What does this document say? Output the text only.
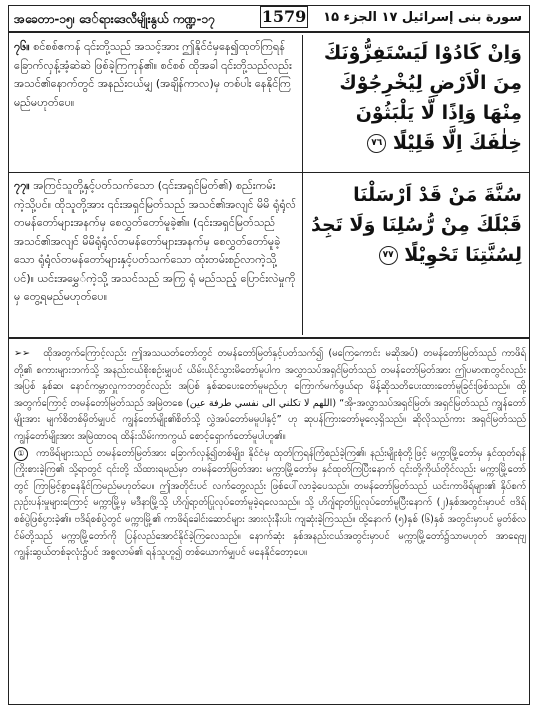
အခေတာ-၁၅၊ ဒေ်ရားဒေလီမျိုးနွယ် ကဏ္ဍ-၁၇	1579 سورة بنی إسرائیل ۱۷ الجزء ۱۵
၇၆။ စင်စစ်ဧကန် ၎င်းတို့သည် အသင့်အား ဤနိုင်ငံမှနေ၍ထုတ်ကြရန် ခြောက်လှန့်အံ့ဆဲဆဲ ဖြစ်ခဲ့ကြကုန်၏။ စင်စစ် ထိုအခါ ၎င်းတို့သည်လည်း အသင်၏နောက်တွင် အနည်းငယ်မျှ (အချိန်ကာလ)မှ တစ်ပါး နေနိုင်ကြမည်မဟုတ်ပေ။
وَاِنْ كَادُوْا لَيَسْتَفِزُّوْنَكَ مِنَ الْاَرْضِ لِيُخْرِجُوْكَ مِنْهَا وَاِذًا لَّا يَلْبَثُوْنَ خِلٰفَكَ اِلَّا قَلِيْلًا ٧٦
၇၇။ အကြင်သူတို့နှင့်ပတ်သက်သော (၎င်းအရှင်မြတ်၏) စည်းကမ်းကဲ့သို့ပင်။ ထိုသူတို့အား ၎င်းအရှင်မြတ်သည် အသင်၏အလျင် မိမိ ရုံရုံလ်တမန်တော်များအနက်မှ စေလွှတ်တော်မူခဲ့၏။ (၎င်းအရှင်မြတ်သည် အသင်၏အလျင် မိမိရုံရုံလ်တမန်တော်များအနက်မှ စေလွှတ်တော်မူခဲ့သော ရုံရုံလ်တမန်တော်များနှင့်ပတ်သက်သော ထုံးတမ်းစဉ်လာကဲ့သို့ပင်)။ ယင်းအမွှေ်ကဲ့သို့ အသင်သည် အကြှ ရုံ မည်သည့် ပြောင်းလဲမှုကိုမှ တွေ့ရမည်မဟုတ်ပေ။
سُنَّةَ مَنْ قَدْ اَرْسَلْنَا قَبْلَكَ مِنْ رُّسُلِنَا وَلَا تَجِدُ لِسُنَّتِنَا تَحْوِيْلًا ٧٧

➢➢ ထိုအတွက်ကြောင့်လည်း ဤအသယတ်တော်တွင် တမန်တော်မြတ်နှင့်ပတ်သက်၍ (မကြေကောင်း မဆိုအပ်) တမန်တော်မြတ်သည် ကာဖိရ်တို့၏ စကားများဘက်သို့ အနည်းငယ်စိုးစဉ်းမျှပင် ယိမ်းယိုင်သွားမိတော်မူပါက အလွှာသပ်အရှင်မြတ်သည် တမန်တော်မြတ်အား ဤပမာဏတွင်လည်း အပြစ် နှစ်ဆ၊ နောင်ကမ္ဘာလှူကဘတွင်လည်း အပြစ် နှစ်ဆပေးတော်မူမည်ဟု ကြောက်မက်ဖွယ်ရာ မိန့်ဆိုသတိပေးထားတော်မူခြင်းဖြစ်သည်။ ထို့အတွက်ကြောင့် တမန်တော်မြတ်သည် အမြဲတစေ (اللهم لا تكلني الى نفسي طرفة عين) “အို-အလွှာသပ်အရှင်မြတ်၊ အရှင်မြတ်သည် ကျွန်တော်မျိုးအား မျက်စိတစ်မှိတ်မျှပင် ကျွန်တော်မျိုး၏စိတ်သို့ လွှဲအပ်တော်မမူပါနှင့်” ဟု ဆုပန်ကြားတော်မူလေ့ရှိသည်။ ဆိုလိုသည်ကား အရှင်မြတ်သည် ကျွန်တော်မျိုးအား အမြဲထာဝရ ထိန်းသိမ်းကာကွယ် စောင့်ရှောက်တော်မူပါဟူ၏။

① ကာဖိရ်များသည် တမန်တော်မြတ်အား ခြောက်လှန့်၍တစ်မျိုး၊ နိုင်ငံမှ ထုတ်ကြရန်ကြံစည်ခဲ့ကြ၏၊ နည်းမျိုးစုံတို့ဖြင့် မက္ကာမြို့တော်မှ နှင်ထုတ်ရန်ကြိုးစားခဲ့ကြ၏ သို့ရာတွင် ၎င်းတို့ သိထားရမည်မှာ တမန်တော်မြတ်အား မက္ကာမြို့တော်မှ နှင်ထုတ်ကြပြီးနောက် ၎င်းတို့ကိုယ်တိုင်လည်း မက္ကာမြို့တော်တွင် ကြာမြင့်စွာနေနိုင်ကြမည်မဟုတ်ပေ။ ဤအတိုင်းပင် လက်တွေ့လည်း ဖြစ်ပေါ်လာခဲ့ပေသည်။ တမန်တော်မြတ်သည် ယင်းကာဖိရ်များ၏ နှိပ်စက်ညှဉ်းပန်းမှုများကြောင့် မက္ကာမြို့မှ မဒီနာမြို့သို့ ဟိဂျ်ရာ့တ်ပြုလုပ်တော်မူခဲ့ရလေသည်။ သို့ ဟိဂျ်ရာ့တ်ပြုလုပ်တော်မူပြီးနောက် (၂)နှစ်အတွင်းမှာပင် ဗဒိရ်စစ်ပွဲဖြစ်ပွားခဲ့၏။ ဗဒိရ်စစ်ပွဲတွင် မက္ကာမြို့၏ ကာဖိရ်ခေါင်းဆောင်များ အားလုံးနီးပါး ကျဆုံးခဲ့ကြသည်။ ထို့နောက် (၅)နှစ် (၆)နှစ် အတွင်းမှာပင် မွတ်စ်လင်မ်တို့သည် မက္ကာမြို့တော်ကို ပြန်လည်အောင်နိုင်ခဲ့ကြလေသည်။ နောက်ဆုံး နှစ်အနည်းငယ်အတွင်းမှာပင် မက္ကာမြို့တော်၌သာမဟုတ် အာရေဗျကျွန်းဆွယ်တစ်ခုလုံး၌ပင် အစ္စလာမ်၏ ရန်သူဟူ၍ တစ်ယောက်မျှပင် မနေနိုင်တော့ပေ။
